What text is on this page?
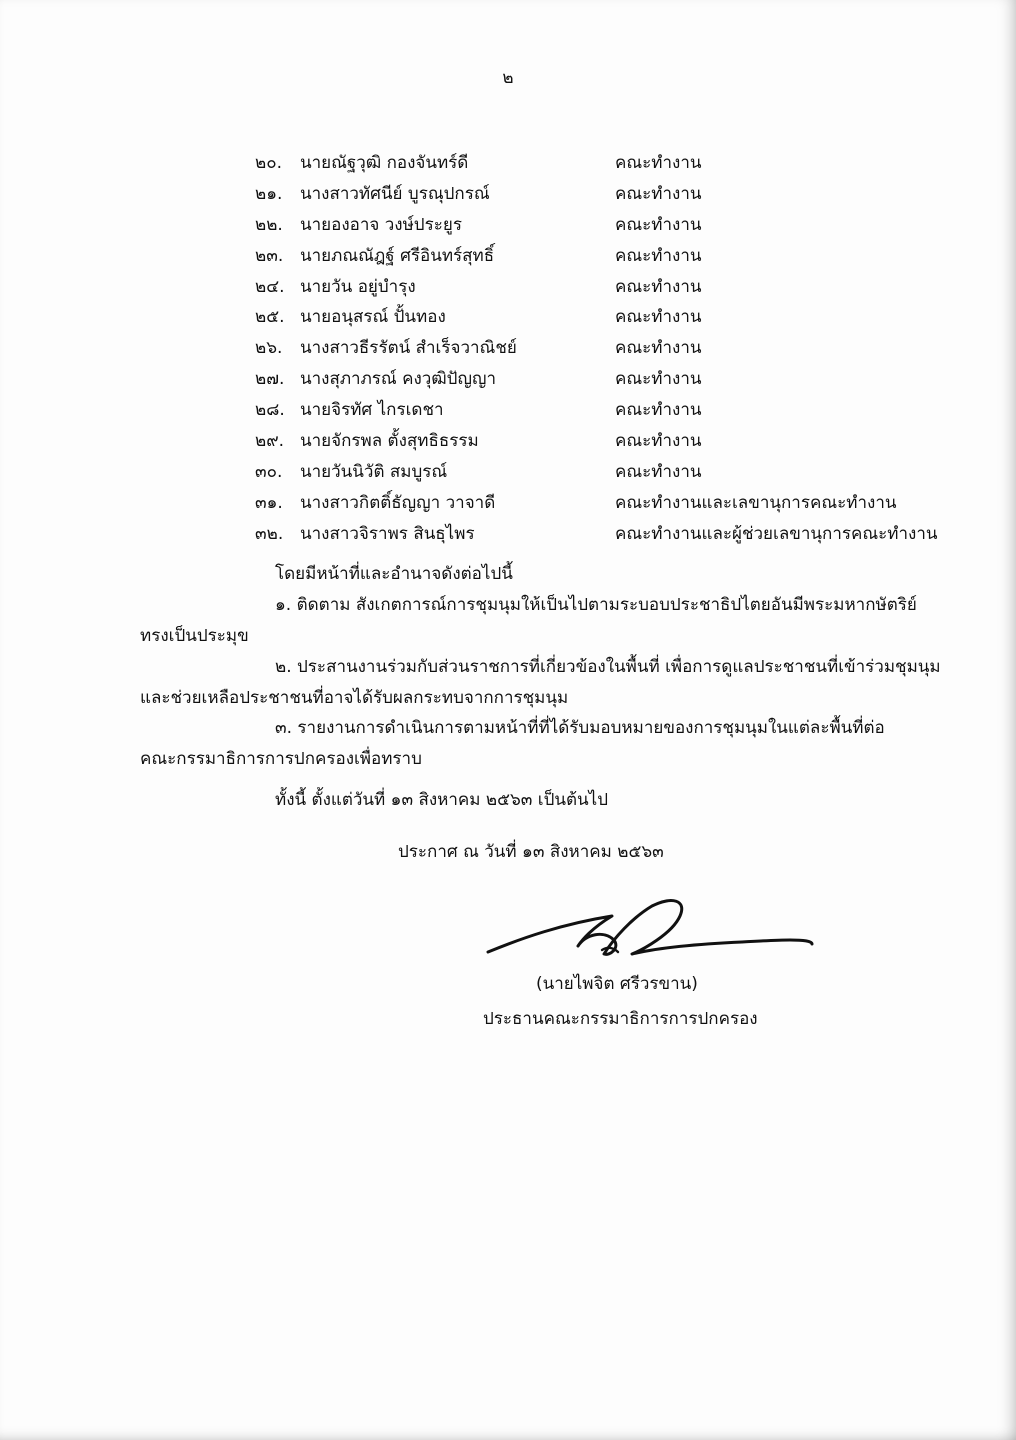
๒
๒๐. นายณัฐวุฒิ กองจันทร์ดี	คณะทำงาน
๒๑. นางสาวทัศนีย์ บูรณุปกรณ์	คณะทำงาน
๒๒. นายองอาจ วงษ์ประยูร	คณะทำงาน
๒๓. นายภณณัฎฐ์ ศรีอินทร์สุทธิ์	คณะทำงาน
๒๔. นายวัน อยู่บำรุง	คณะทำงาน
๒๕. นายอนุสรณ์ ปั้นทอง	คณะทำงาน
๒๖. นางสาวธีรรัตน์ สำเร็จวาณิชย์	คณะทำงาน
๒๗. นางสุภาภรณ์ คงวุฒิปัญญา	คณะทำงาน
๒๘. นายจิรทัศ ไกรเดชา	คณะทำงาน
๒๙. นายจักรพล ตั้งสุทธิธรรม	คณะทำงาน
๓๐. นายวันนิวัติ สมบูรณ์	คณะทำงาน
๓๑. นางสาวกิตติ์ธัญญา วาจาดี	คณะทำงานและเลขานุการคณะทำงาน
๓๒. นางสาวจิราพร สินธุไพร	คณะทำงานและผู้ช่วยเลขานุการคณะทำงาน
โดยมีหน้าที่และอำนาจดังต่อไปนี้
๑. ติดตาม สังเกตการณ์การชุมนุมให้เป็นไปตามระบอบประชาธิปไตยอันมีพระมหากษัตริย์
ทรงเป็นประมุข
๒. ประสานงานร่วมกับส่วนราชการที่เกี่ยวข้องในพื้นที่ เพื่อการดูแลประชาชนที่เข้าร่วมชุมนุม
และช่วยเหลือประชาชนที่อาจได้รับผลกระทบจากการชุมนุม
๓. รายงานการดำเนินการตามหน้าที่ที่ได้รับมอบหมายของการชุมนุมในแต่ละพื้นที่ต่อ
คณะกรรมาธิการการปกครองเพื่อทราบ
ทั้งนี้ ตั้งแต่วันที่ ๑๓ สิงหาคม ๒๕๖๓ เป็นต้นไป
ประกาศ ณ วันที่ ๑๓ สิงหาคม ๒๕๖๓
(นายไพจิต ศรีวรขาน)
ประธานคณะกรรมาธิการการปกครอง
